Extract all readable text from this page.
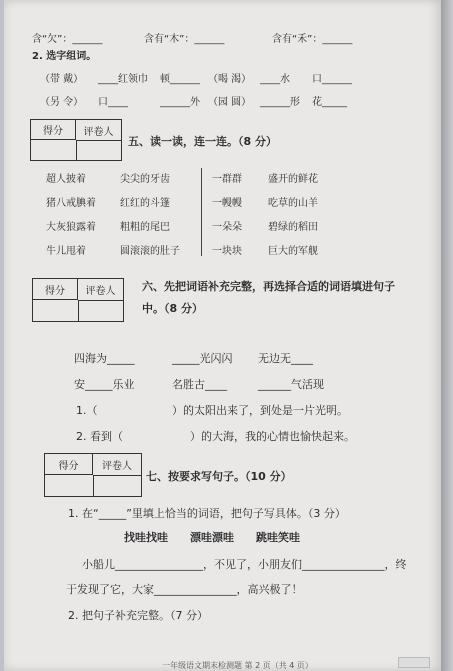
含“欠”：______	含有“木”：______	含有“禾”：______
2. 选字组词。
（带 戴） ____红领巾 顿______ （喝 渴） ____水 口______
（另 令） 口____	______外 （园 圆） ______形 花_____
得分	评卷人
五、读一读，连一连。（8 分）
超人披着
猪八戒腆着
大灰狼露着
牛儿甩着
尖尖的牙齿
红红的斗篷
粗粗的尾巴
圆滚滚的肚子
一群群
一幔幔
一朵朵
一块块
盛开的鲜花
吃草的山羊
碧绿的稻田
巨大的军舰
得分	评卷人	六、先把词语补充完整，再选择合适的词语填进句子
中。（8 分）
四海为_____	_____光闪闪 无边无____
安_____乐业	名胜古____	______气活现
1.（	）的太阳出来了，到处是一片光明。
2. 看到（	）的大海，我的心情也愉快起来。
得分	评卷人
七、按要求写句子。（10 分）
1. 在“_____”里填上恰当的词语，把句子写具体。（3 分）
找哇找哇 漂哇漂哇 跳哇笑哇
小船儿________________，不见了，小朋友们_______________，终
于发现了它，大家_______________，高兴极了！
2. 把句子补充完整。（7 分）
一年级语文期末检测题 第 2 页（共 4 页）
